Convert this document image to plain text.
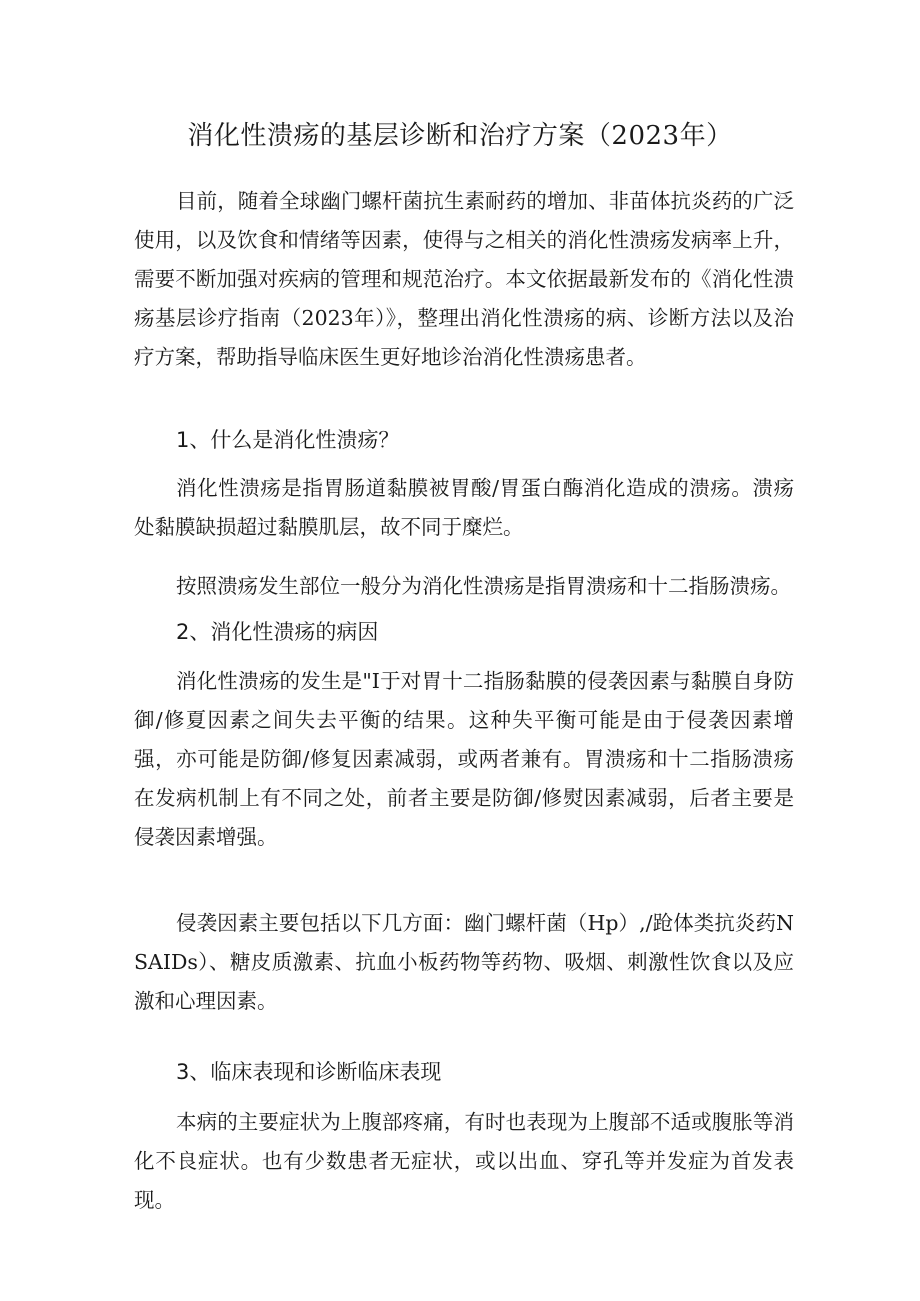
消化性溃疡的基层诊断和治疗方案（2023年）

目前，随着全球幽门螺杆菌抗生素耐药的增加、非苗体抗炎药的广泛使用，以及饮食和情绪等因素，使得与之相关的消化性溃疡发病率上升，需要不断加强对疾病的管理和规范治疗。本文依据最新发布的《消化性溃疡基层诊疗指南（2023年）》，整理出消化性溃疡的病、诊断方法以及治疗方案，帮助指导临床医生更好地诊治消化性溃疡患者。

1、什么是消化性溃疡？

消化性溃疡是指胃肠道黏膜被胃酸/胃蛋白酶消化造成的溃疡。溃疡处黏膜缺损超过黏膜肌层，故不同于糜烂。

按照溃疡发生部位一般分为消化性溃疡是指胃溃疡和十二指肠溃疡。

2、消化性溃疡的病因

消化性溃疡的发生是"I于对胃十二指肠黏膜的侵袭因素与黏膜自身防御/修夏因素之间失去平衡的结果。这种失平衡可能是由于侵袭因素增强，亦可能是防御/修复因素减弱，或两者兼有。胃溃疡和十二指肠溃疡在发病机制上有不同之处，前者主要是防御/修熨因素减弱，后者主要是侵袭因素增强。

侵袭因素主要包括以下几方面：幽门螺杆菌（Hp）,/跄体类抗炎药NSAIDs）、糖皮质激素、抗血小板药物等药物、吸烟、刺激性饮食以及应激和心理因素。

3、临床表现和诊断临床表现

本病的主要症状为上腹部疼痛，有时也表现为上腹部不适或腹胀等消化不良症状。也有少数患者无症状，或以出血、穿孔等并发症为首发表现。
